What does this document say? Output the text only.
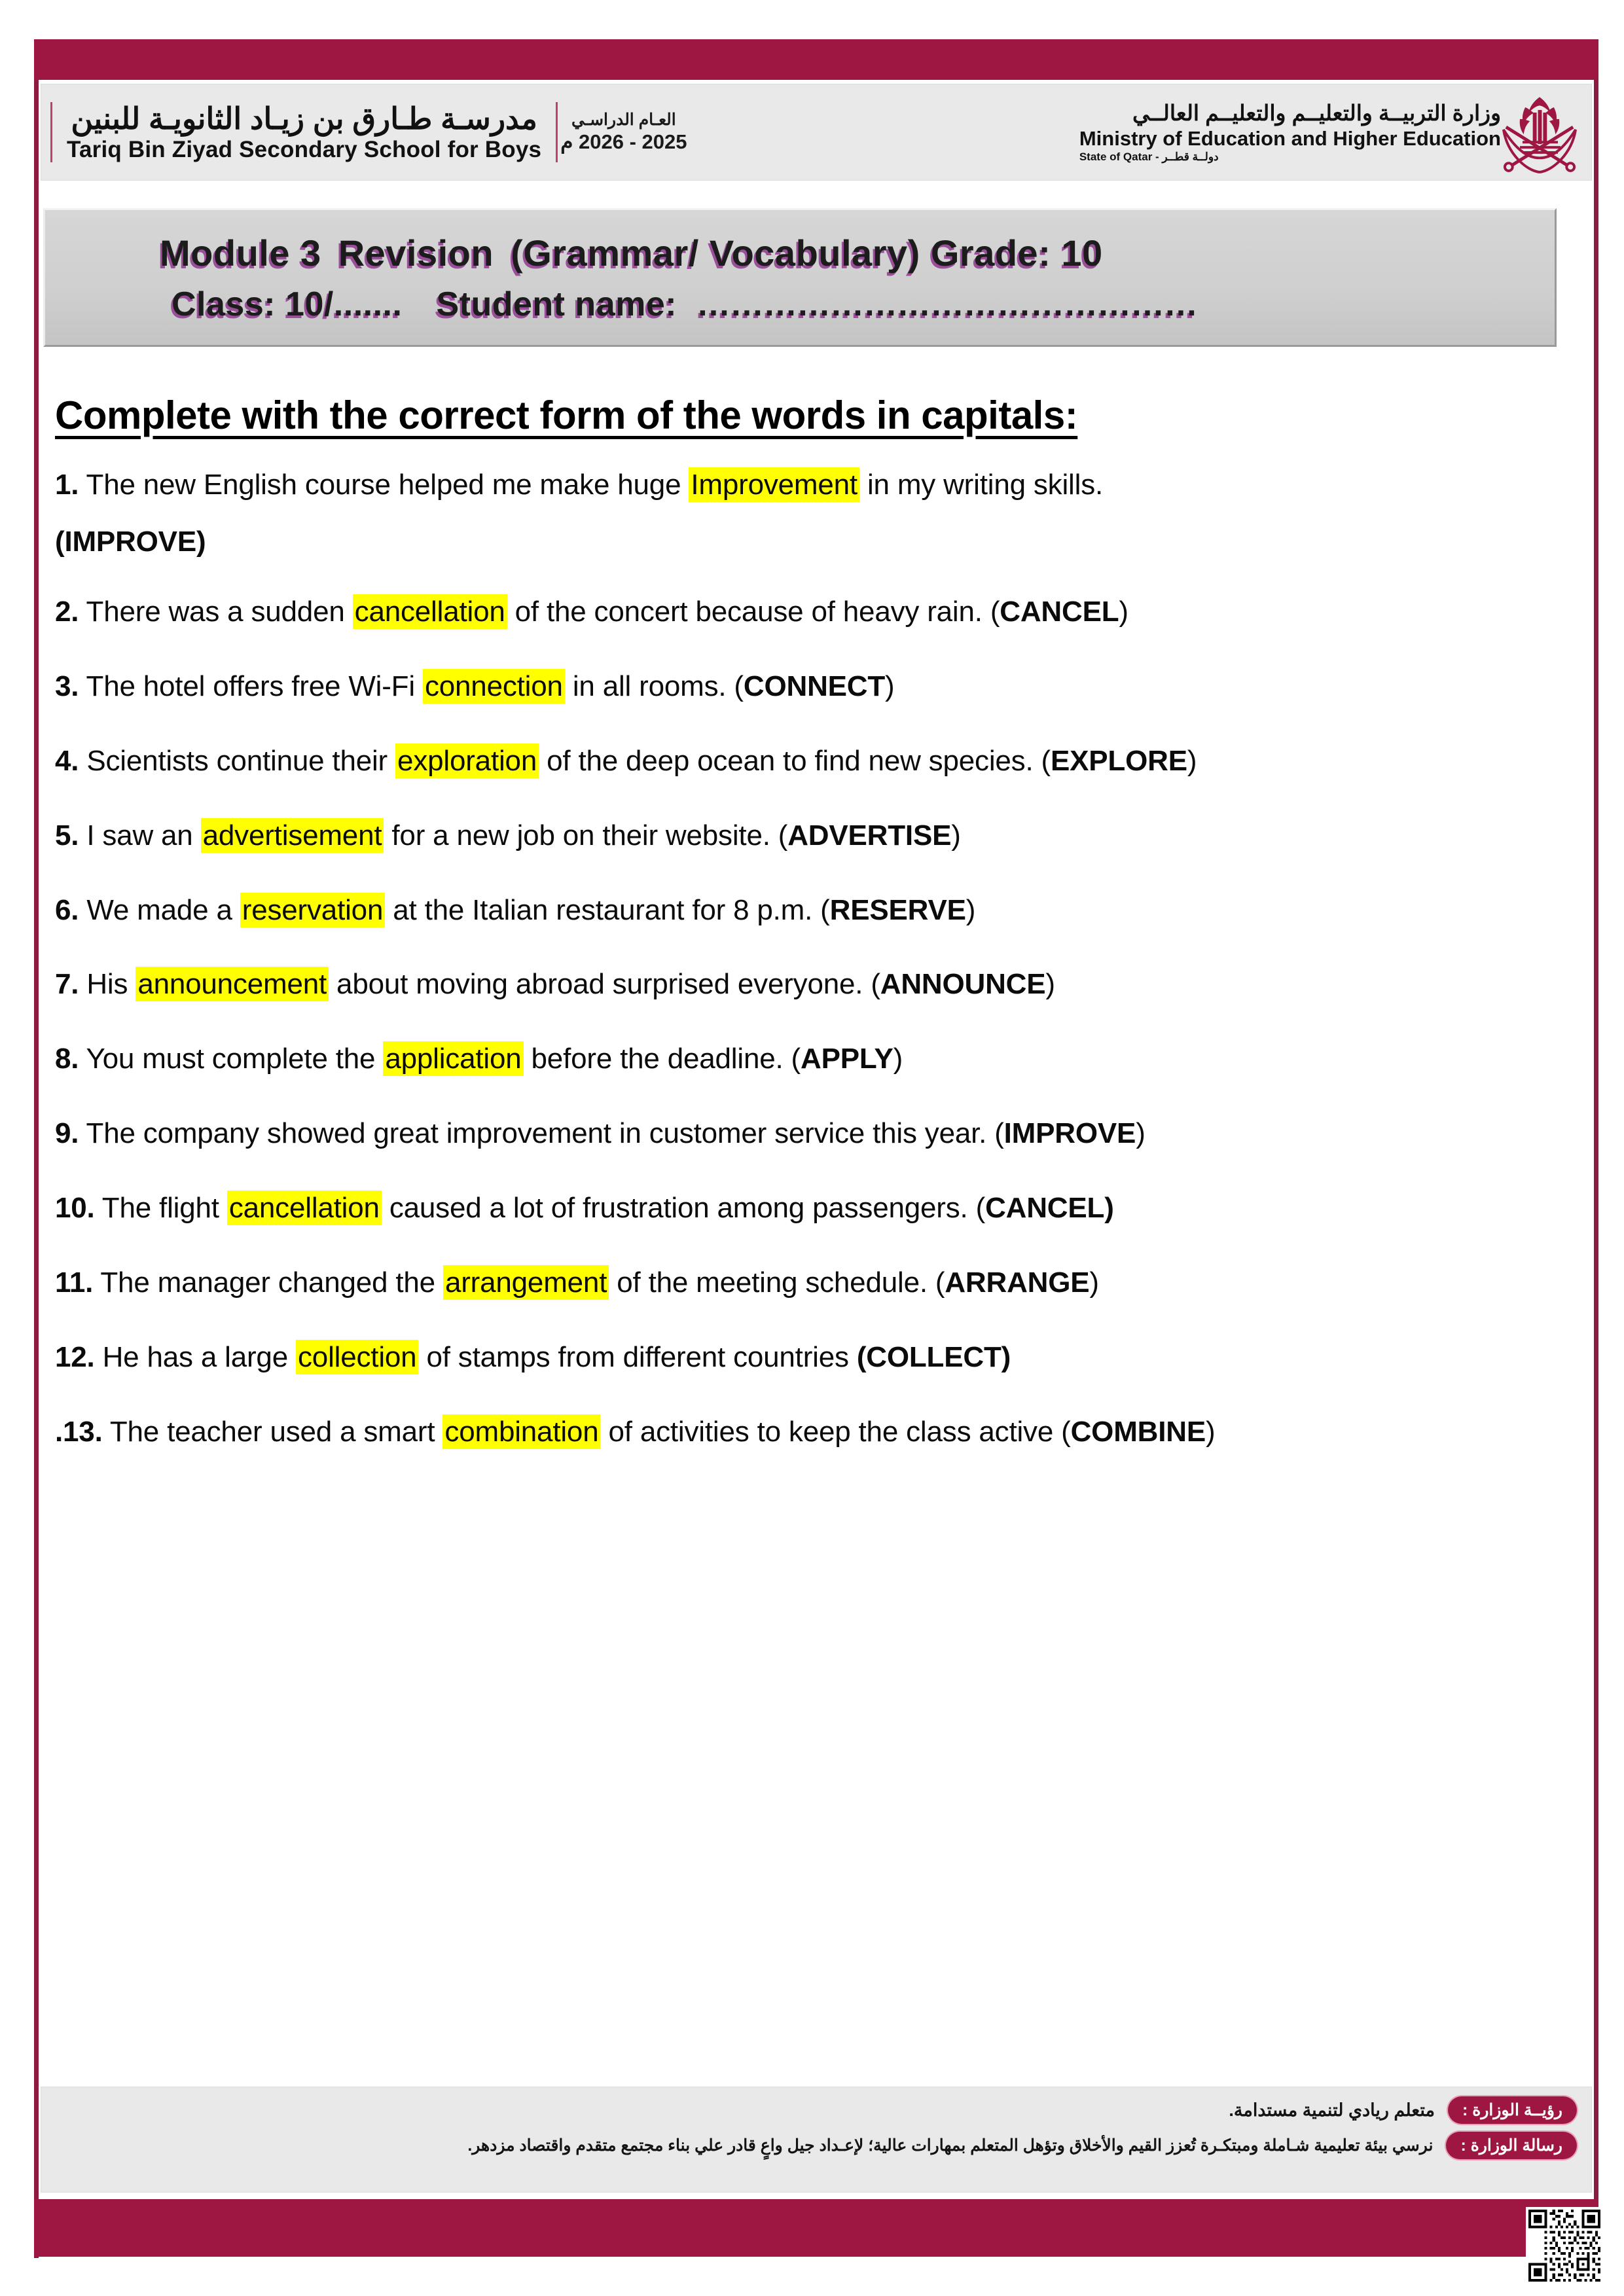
العـام الدراسـي
2025 - 2026 م
مدرسـة طـارق بن زيـاد الثانويـة للبنين
Tariq Bin Ziyad Secondary School for Boys
وزارة التربيــة والتعليــم والتعليــم العالــي
Ministry of Education and Higher Education
دولــة قطــر - State of Qatar
Module 3 Revision (Grammar/ Vocabulary) Grade: 10
Class: 10/....... Student name: ………………………………………
Complete with the correct form of the words in capitals:
1. The new English course helped me make huge Improvement in my writing skills.
(IMPROVE)
2. There was a sudden cancellation of the concert because of heavy rain. (CANCEL)
3. The hotel offers free Wi-Fi connection in all rooms. (CONNECT)
4. Scientists continue their exploration of the deep ocean to find new species. (EXPLORE)
5. I saw an advertisement for a new job on their website. (ADVERTISE)
6. We made a reservation at the Italian restaurant for 8 p.m. (RESERVE)
7. His announcement about moving abroad surprised everyone. (ANNOUNCE)
8. You must complete the application before the deadline. (APPLY)
9. The company showed great improvement in customer service this year. (IMPROVE)
10. The flight cancellation caused a lot of frustration among passengers. (CANCEL)
11. The manager changed the arrangement of the meeting schedule. (ARRANGE)
12. He has a large collection of stamps from different countries (COLLECT)
.13. The teacher used a smart combination of activities to keep the class active (COMBINE)
رؤيــة الوزارة :
متعلم ريادي لتنمية مستدامة.
رسالة الوزارة :
نرسي بيئة تعليمية شـاملة ومبتكـرة تُعزز القيم والأخلاق وتؤهل المتعلم بمهارات عالية؛ لإعـداد جيل واعٍ قادر علي بناء مجتمع متقدم واقتصاد مزدهر.
